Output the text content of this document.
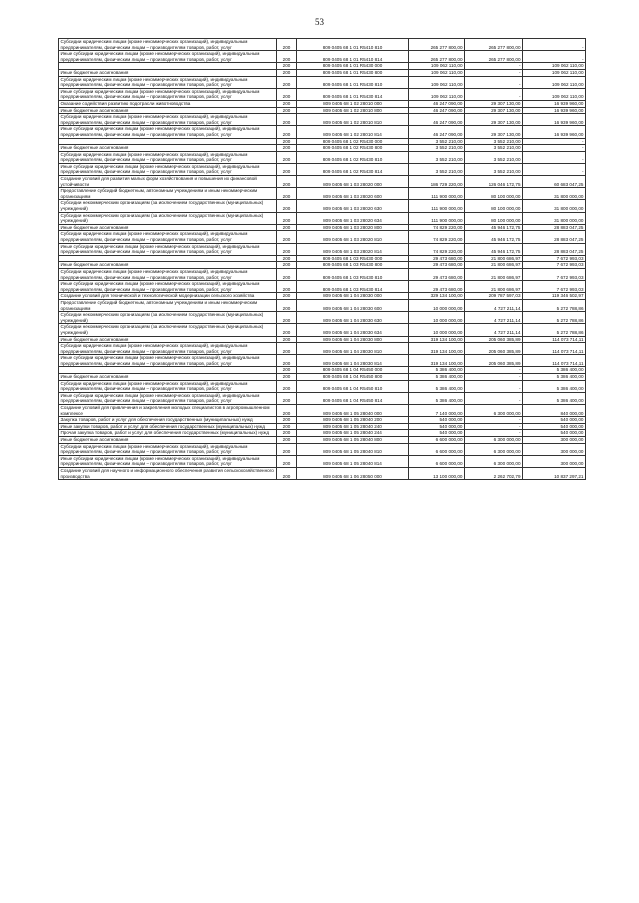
53
Субсидии юридическим лицам (кроме некоммерческих организаций), индивидуальным предпринимателям, физическим лицам – производителям товаров, работ, услуг	200	809 0405 68 1 01 R5410 810	265 277 800,00	265 277 800,00	-
Иные субсидии юридическим лицам (кроме некоммерческих организаций), индивидуальным предпринимателям, физическим лицам – производителям товаров, работ, услуг	200	809 0405 68 1 01 R5410 814	265 277 800,00	265 277 800,00	-
	200	809 0405 68 1 01 R5430 000	109 062 110,00	-	109 062 110,00
Иные бюджетные ассигнования	200	809 0405 68 1 01 R5430 800	109 062 110,00	-	109 062 110,00
Субсидии юридическим лицам (кроме некоммерческих организаций), индивидуальным предпринимателям, физическим лицам – производителям товаров, работ, услуг	200	809 0405 68 1 01 R5430 810	109 062 110,00	-	109 062 110,00
Иные субсидии юридическим лицам (кроме некоммерческих организаций), индивидуальным предпринимателям, физическим лицам – производителям товаров, работ, услуг	200	809 0405 68 1 01 R5430 814	109 062 110,00	-	109 062 110,00
Оказание содействия развитию подотрасли животноводства	200	809 0405 68 1 02 28010 000	46 247 090,00	29 307 130,00	16 939 960,00
Иные бюджетные ассигнования	200	809 0405 68 1 02 28010 800	46 247 090,00	29 307 130,00	16 939 960,00
Субсидии юридическим лицам (кроме некоммерческих организаций), индивидуальным предпринимателям, физическим лицам – производителям товаров, работ, услуг	200	809 0405 68 1 02 28010 810	46 247 090,00	29 307 130,00	16 939 960,00
Иные субсидии юридическим лицам (кроме некоммерческих организаций), индивидуальным предпринимателям, физическим лицам – производителям товаров, работ, услуг	200	809 0405 68 1 02 28010 814	46 247 090,00	29 307 130,00	16 939 960,00
	200	809 0405 68 1 02 R5430 000	3 552 210,00	3 552 210,00	-
Иные бюджетные ассигнования	200	809 0405 68 1 02 R5430 800	3 552 210,00	3 552 210,00	-
Субсидии юридическим лицам (кроме некоммерческих организаций), индивидуальным предпринимателям, физическим лицам – производителям товаров, работ, услуг	200	809 0405 68 1 02 R5430 810	3 552 210,00	3 552 210,00	-
Иные субсидии юридическим лицам (кроме некоммерческих организаций), индивидуальным предпринимателям, физическим лицам – производителям товаров, работ, услуг	200	809 0405 68 1 02 R5430 814	3 552 210,00	3 552 210,00	-
Создание условий для развития малых форм хозяйствования и повышения их финансовой устойчивости	200	809 0405 68 1 03 28020 000	186 729 220,00	126 046 172,75	60 683 047,25
Предоставление субсидий бюджетным, автономным учреждениям и иным некоммерческим организациям	200	809 0405 68 1 03 28020 600	111 900 000,00	80 100 000,00	31 800 000,00
Субсидии некоммерческим организациям (за исключением государственных (муниципальных) учреждений)	200	809 0405 68 1 03 28020 630	111 900 000,00	80 100 000,00	31 800 000,00
Субсидии некоммерческим организациям (за исключением государственных (муниципальных) учреждений)	200	809 0405 68 1 03 28020 634	111 900 000,00	80 100 000,00	31 800 000,00
Иные бюджетные ассигнования	200	809 0405 68 1 03 28020 800	74 829 220,00	45 946 172,75	28 883 047,25
Субсидии юридическим лицам (кроме некоммерческих организаций), индивидуальным предпринимателям, физическим лицам – производителям товаров, работ, услуг	200	809 0405 68 1 03 28020 810	74 829 220,00	45 946 172,75	28 883 047,25
Иные субсидии юридическим лицам (кроме некоммерческих организаций), индивидуальным предпринимателям, физическим лицам – производителям товаров, работ, услуг	200	809 0405 68 1 03 28020 814	74 829 220,00	45 946 172,75	28 883 047,25
	200	809 0405 68 1 03 R5430 000	29 473 680,00	21 800 686,97	7 672 993,03
Иные бюджетные ассигнования	200	809 0405 68 1 03 R5430 800	29 473 680,00	21 800 686,97	7 672 993,03
Субсидии юридическим лицам (кроме некоммерческих организаций), индивидуальным предпринимателям, физическим лицам – производителям товаров, работ, услуг	200	809 0405 68 1 03 R5430 810	29 473 680,00	21 800 686,97	7 672 993,03
Иные субсидии юридическим лицам (кроме некоммерческих организаций), индивидуальным предпринимателям, физическим лицам – производителям товаров, работ, услуг	200	809 0405 68 1 03 R5430 814	29 473 680,00	21 800 686,97	7 672 993,03
Создание условий для технической и технологической модернизации сельского хозяйства	200	809 0405 68 1 04 28030 000	329 134 100,00	209 787 597,03	119 346 502,97
Предоставление субсидий бюджетным, автономным учреждениям и иным некоммерческим организациям	200	809 0405 68 1 04 28030 600	10 000 000,00	4 727 211,14	5 272 788,86
Субсидии некоммерческим организациям (за исключением государственных (муниципальных) учреждений)	200	809 0405 68 1 04 28030 630	10 000 000,00	4 727 211,14	5 272 788,86
Субсидии некоммерческим организациям (за исключением государственных (муниципальных) учреждений)	200	809 0405 68 1 04 28030 634	10 000 000,00	4 727 211,14	5 272 788,86
Иные бюджетные ассигнования	200	809 0405 68 1 04 28030 800	319 134 100,00	205 060 385,89	114 073 714,11
Субсидии юридическим лицам (кроме некоммерческих организаций), индивидуальным предпринимателям, физическим лицам – производителям товаров, работ, услуг	200	809 0405 68 1 04 28030 810	319 134 100,00	205 060 385,89	114 073 714,11
Иные субсидии юридическим лицам (кроме некоммерческих организаций), индивидуальным предпринимателям, физическим лицам – производителям товаров, работ, услуг	200	809 0405 68 1 04 28030 814	319 134 100,00	205 060 385,89	114 073 714,11
	200	809 0405 68 1 04 R5450 000	5 386 400,00	-	5 386 400,00
Иные бюджетные ассигнования	200	809 0405 68 1 04 R5450 800	5 386 400,00	-	5 386 400,00
Субсидии юридическим лицам (кроме некоммерческих организаций), индивидуальным предпринимателям, физическим лицам – производителям товаров, работ, услуг	200	809 0405 68 1 04 R5450 810	5 386 400,00	-	5 386 400,00
Иные субсидии юридическим лицам (кроме некоммерческих организаций), индивидуальным предпринимателям, физическим лицам – производителям товаров, работ, услуг	200	809 0405 68 1 04 R5450 814	5 386 400,00	-	5 386 400,00
Создание условий для привлечения и закрепления молодых специалистов в агропромышленном комплексе	200	809 0405 68 1 05 28040 000	7 140 000,00	6 300 000,00	840 000,00
Закупка товаров, работ и услуг для обеспечения государственных (муниципальных) нужд	200	809 0405 68 1 05 28040 200	540 000,00	-	540 000,00
Иные закупки товаров, работ и услуг для обеспечения государственных (муниципальных) нужд	200	809 0405 68 1 05 28040 240	540 000,00	-	540 000,00
Прочая закупка товаров, работ и услуг для обеспечения государственных (муниципальных) нужд	200	809 0405 68 1 05 28040 244	540 000,00	-	540 000,00
Иные бюджетные ассигнования	200	809 0405 68 1 05 28040 800	6 600 000,00	6 300 000,00	300 000,00
Субсидии юридическим лицам (кроме некоммерческих организаций), индивидуальным предпринимателям, физическим лицам – производителям товаров, работ, услуг	200	809 0405 68 1 05 28040 810	6 600 000,00	6 300 000,00	300 000,00
Иные субсидии юридическим лицам (кроме некоммерческих организаций), индивидуальным предпринимателям, физическим лицам – производителям товаров, работ, услуг	200	809 0405 68 1 05 28040 814	6 600 000,00	6 300 000,00	300 000,00
Создание условий для научного и информационного обеспечения развития сельскохозяйственного производства	200	809 0405 68 1 06 28050 000	13 100 000,00	2 262 702,79	10 837 297,21
